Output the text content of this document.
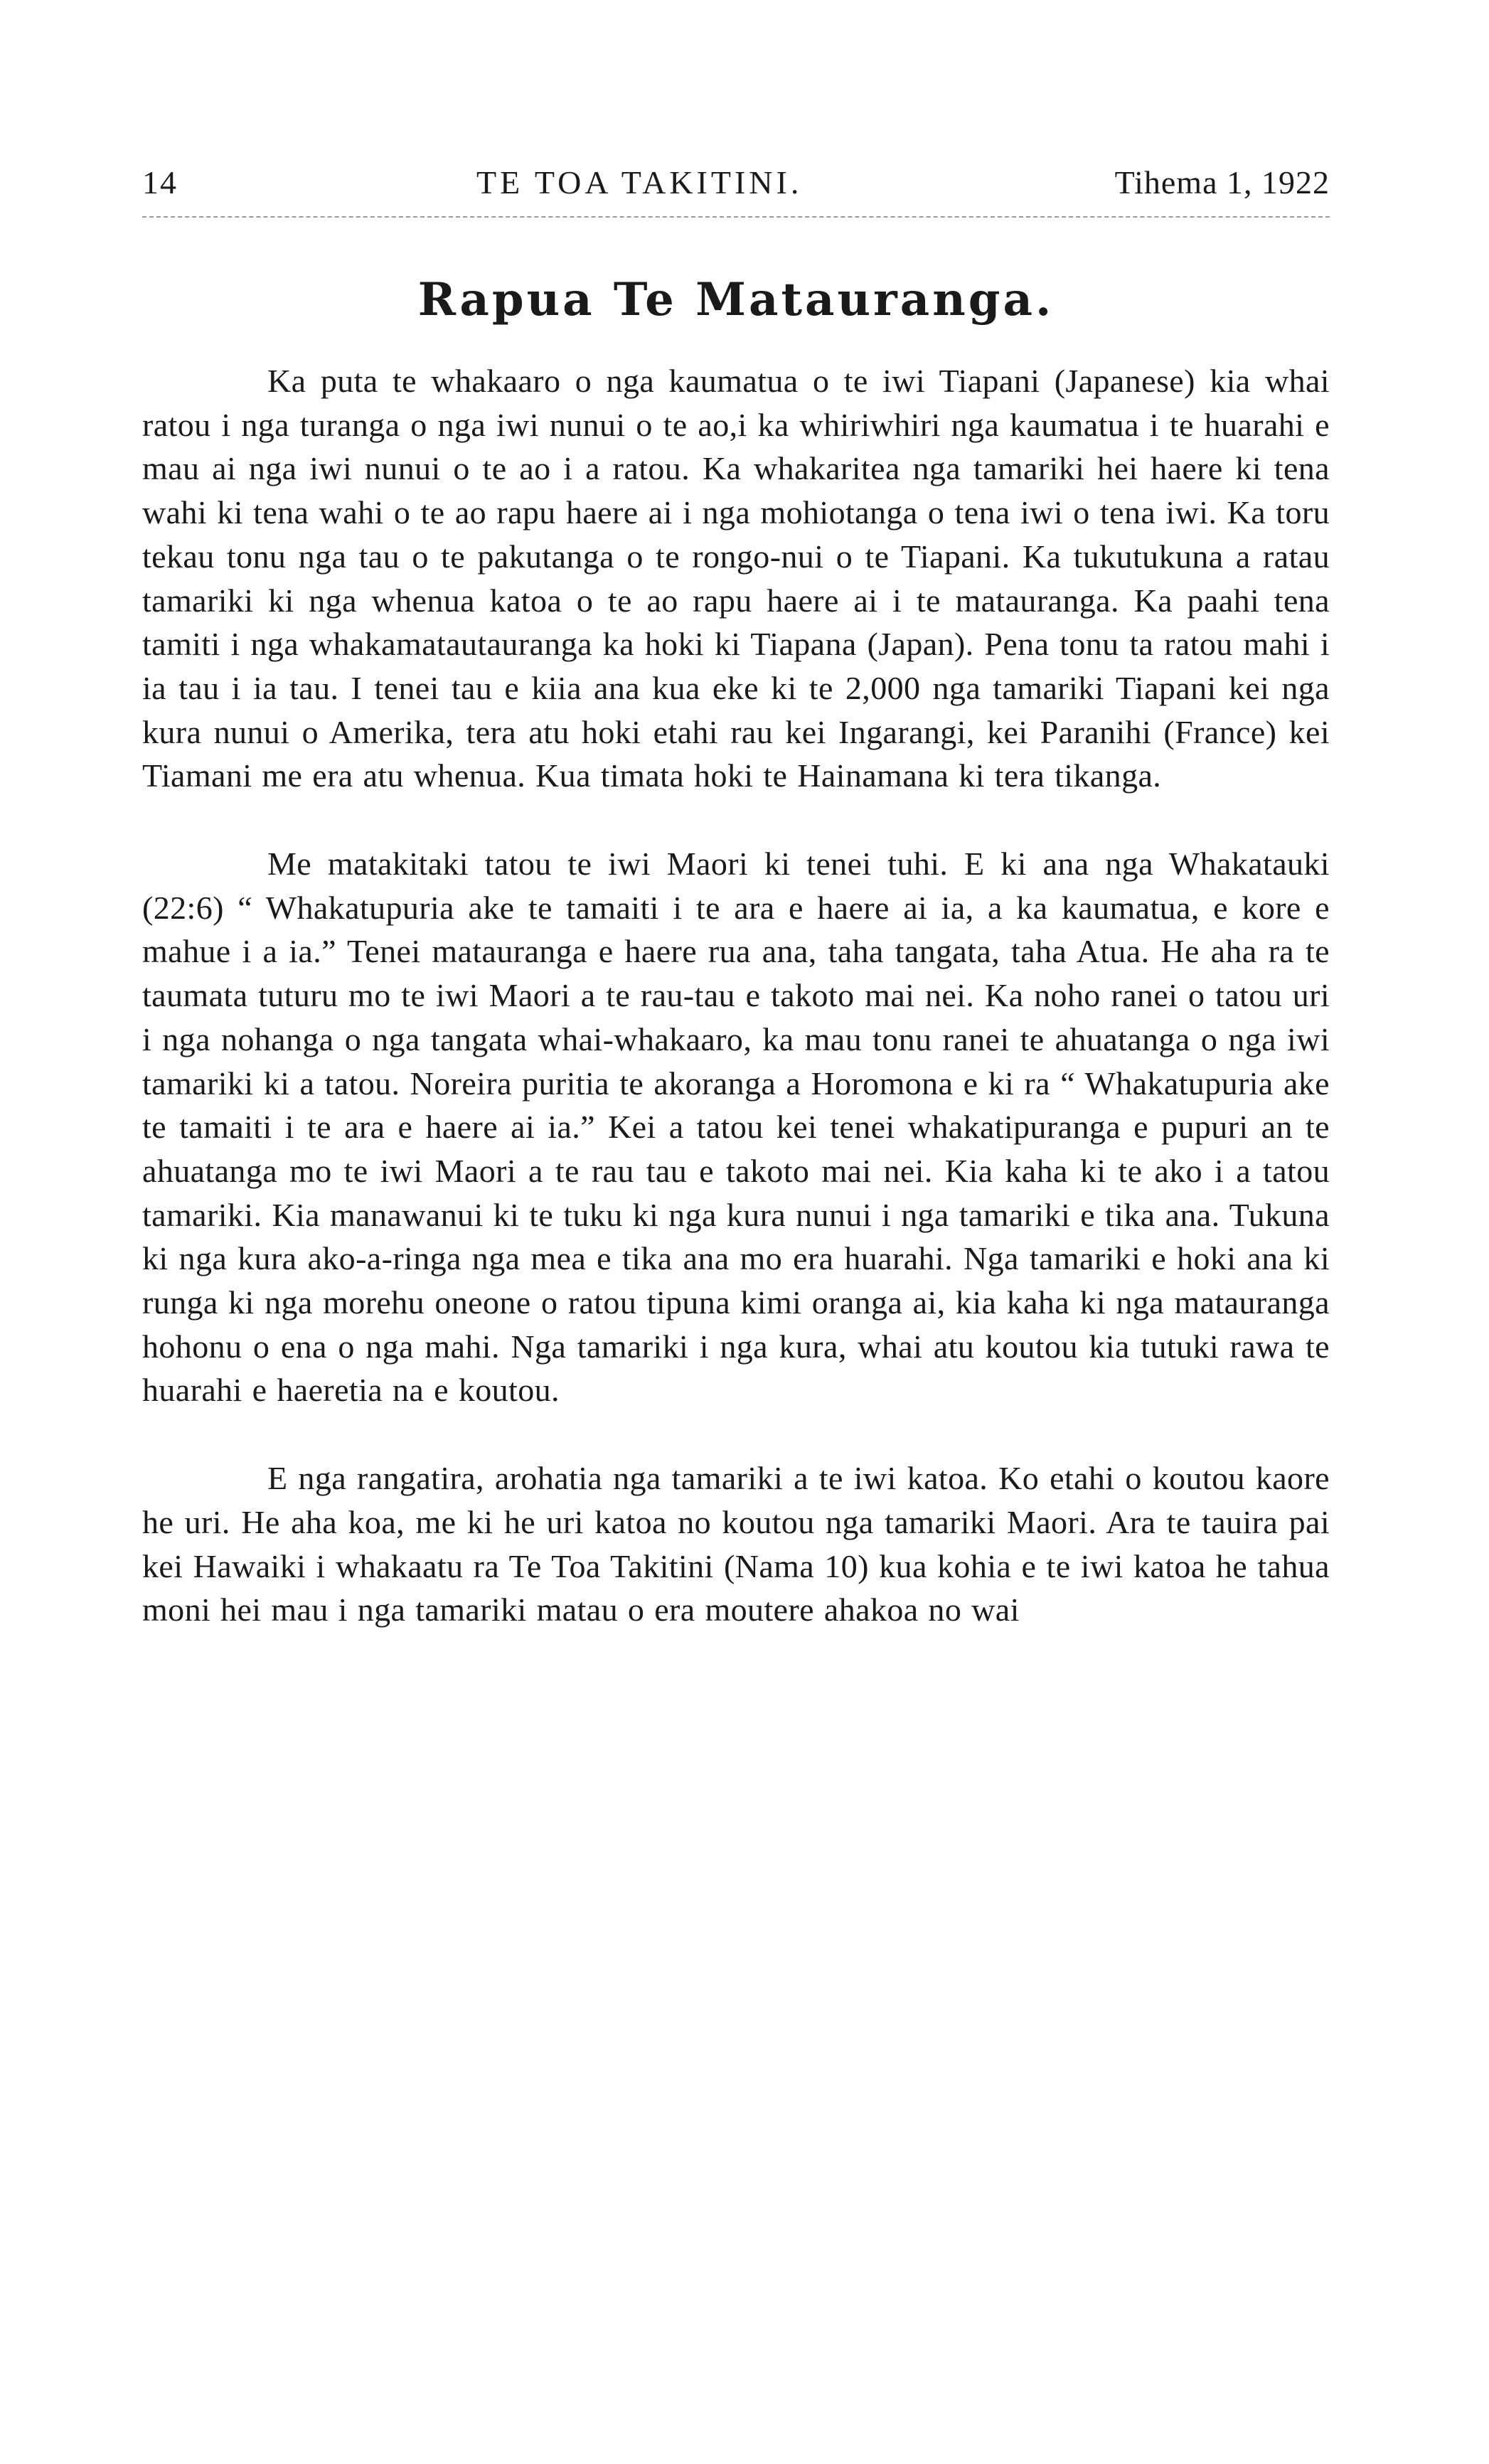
14	TE TOA TAKITINI.	Tihema 1, 1922
Rapua Te Matauranga.

Ka puta te whakaaro o nga kaumatua o te iwi Tiapani (Japanese) kia whai ratou i nga turanga o nga iwi nunui o te ao,i ka whiriwhiri nga kaumatua i te huarahi e mau ai nga iwi nunui o te ao i a ratou. Ka whakaritea nga tamariki hei haere ki tena wahi ki tena wahi o te ao rapu haere ai i nga mohiotanga o tena iwi o tena iwi. Ka toru tekau tonu nga tau o te pakutanga o te rongo-nui o te Tiapani. Ka tukutukuna a ratau tamariki ki nga whenua katoa o te ao rapu haere ai i te matauranga. Ka paahi tena tamiti i nga whakamatautauranga ka hoki ki Tiapana (Japan). Pena tonu ta ratou mahi i ia tau i ia tau. I tenei tau e kiia ana kua eke ki te 2,000 nga tamariki Tiapani kei nga kura nunui o Amerika, tera atu hoki etahi rau kei Ingarangi, kei Paranihi (France) kei Tiamani me era atu whenua. Kua timata hoki te Hainamana ki tera tikanga.

Me matakitaki tatou te iwi Maori ki tenei tuhi. E ki ana nga Whakatauki (22:6) “ Whakatupuria ake te tamaiti i te ara e haere ai ia, a ka kaumatua, e kore e mahue i a ia.” Tenei matauranga e haere rua ana, taha tangata, taha Atua. He aha ra te taumata tuturu mo te iwi Maori a te rau-tau e takoto mai nei. Ka noho ranei o tatou uri i nga nohanga o nga tangata whai-whakaaro, ka mau tonu ranei te ahuatanga o nga iwi tamariki ki a tatou. Noreira puritia te akoranga a Horomona e ki ra “ Whakatupuria ake te tamaiti i te ara e haere ai ia.” Kei a tatou kei tenei whakatipuranga e pupuri an te ahuatanga mo te iwi Maori a te rau tau e takoto mai nei. Kia kaha ki te ako i a tatou tamariki. Kia manawanui ki te tuku ki nga kura nunui i nga tamariki e tika ana. Tukuna ki nga kura ako-a-ringa nga mea e tika ana mo era huarahi. Nga tamariki e hoki ana ki runga ki nga morehu oneone o ratou tipuna kimi oranga ai, kia kaha ki nga matauranga hohonu o ena o nga mahi. Nga tamariki i nga kura, whai atu koutou kia tutuki rawa te huarahi e haeretia na e koutou.

E nga rangatira, arohatia nga tamariki a te iwi katoa. Ko etahi o koutou kaore he uri. He aha koa, me ki he uri katoa no koutou nga tamariki Maori. Ara te tauira pai kei Hawaiki i whakaatu ra Te Toa Takitini (Nama 10) kua kohia e te iwi katoa he tahua moni hei mau i nga tamariki matau o era moutere ahakoa no wai
